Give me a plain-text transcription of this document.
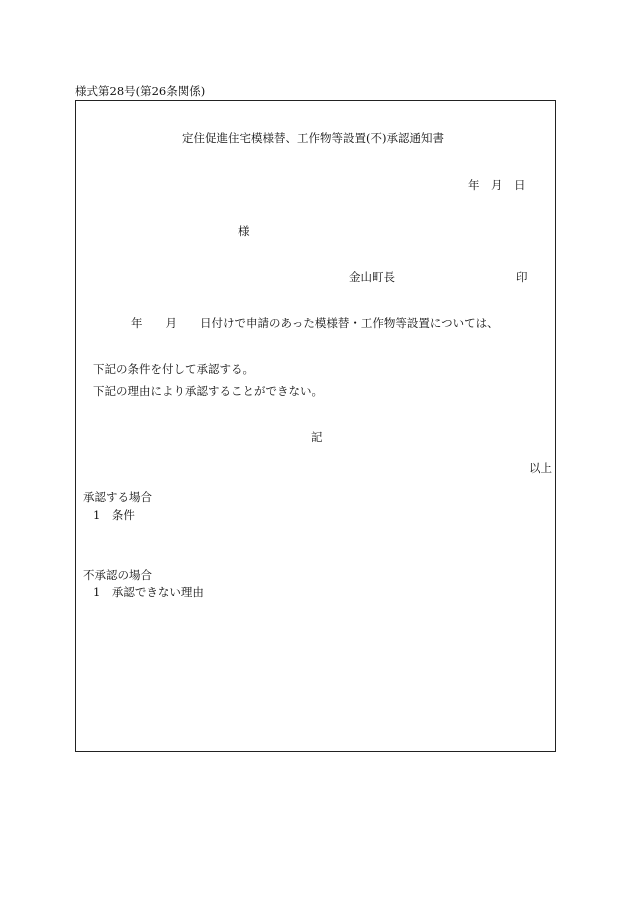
様式第28号(第26条関係)
定住促進住宅模様替、工作物等設置(不)承認通知書
年　月　日
様
金山町長	印
年　　月　　日付けで申請のあった模様替・工作物等設置については、
下記の条件を付して承認する。
下記の理由により承認することができない。
記
以上
承認する場合
1　条件
不承認の場合
1　承認できない理由
